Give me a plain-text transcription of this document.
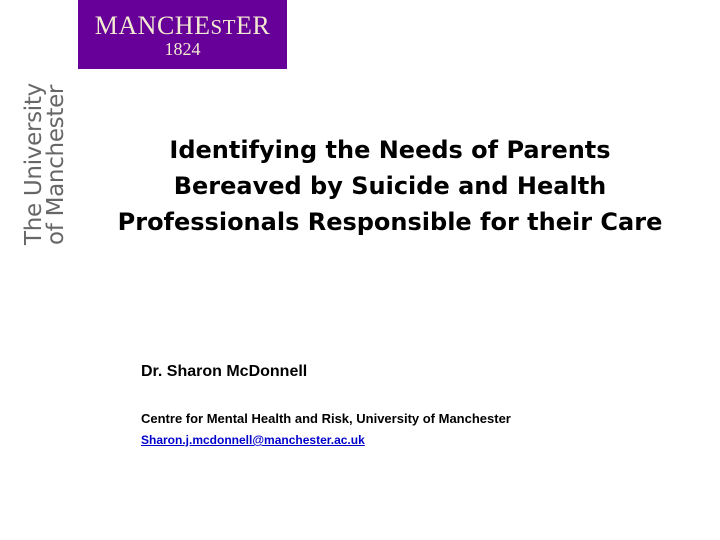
MANCHESTER
1824
The University
of Manchester	Identifying the Needs of Parents Bereaved by Suicide and Health Professionals Responsible for their Care
Dr. Sharon McDonnell
Centre for Mental Health and Risk, University of Manchester
Sharon.j.mcdonnell@manchester.ac.uk
